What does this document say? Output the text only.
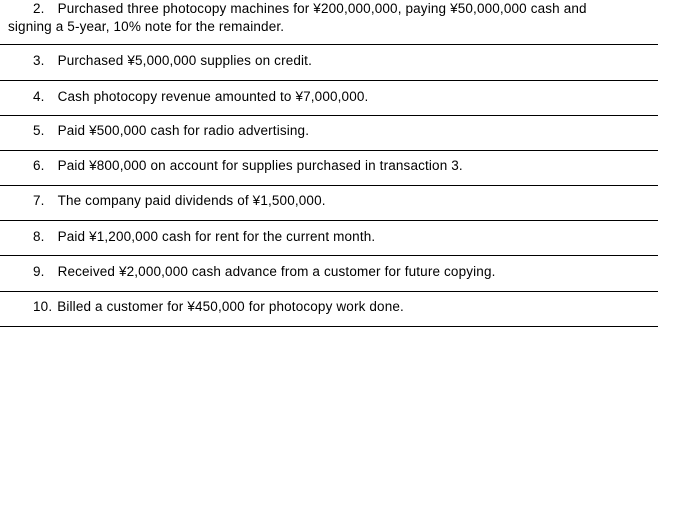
2. Purchased three photocopy machines for ¥200,000,000, paying ¥50,000,000 cash and
signing a 5-year, 10% note for the remainder.
3. Purchased ¥5,000,000 supplies on credit.
4. Cash photocopy revenue amounted to ¥7,000,000.
5. Paid ¥500,000 cash for radio advertising.
6. Paid ¥800,000 on account for supplies purchased in transaction 3.
7. The company paid dividends of ¥1,500,000.
8. Paid ¥1,200,000 cash for rent for the current month.
9. Received ¥2,000,000 cash advance from a customer for future copying.
10. Billed a customer for ¥450,000 for photocopy work done.
